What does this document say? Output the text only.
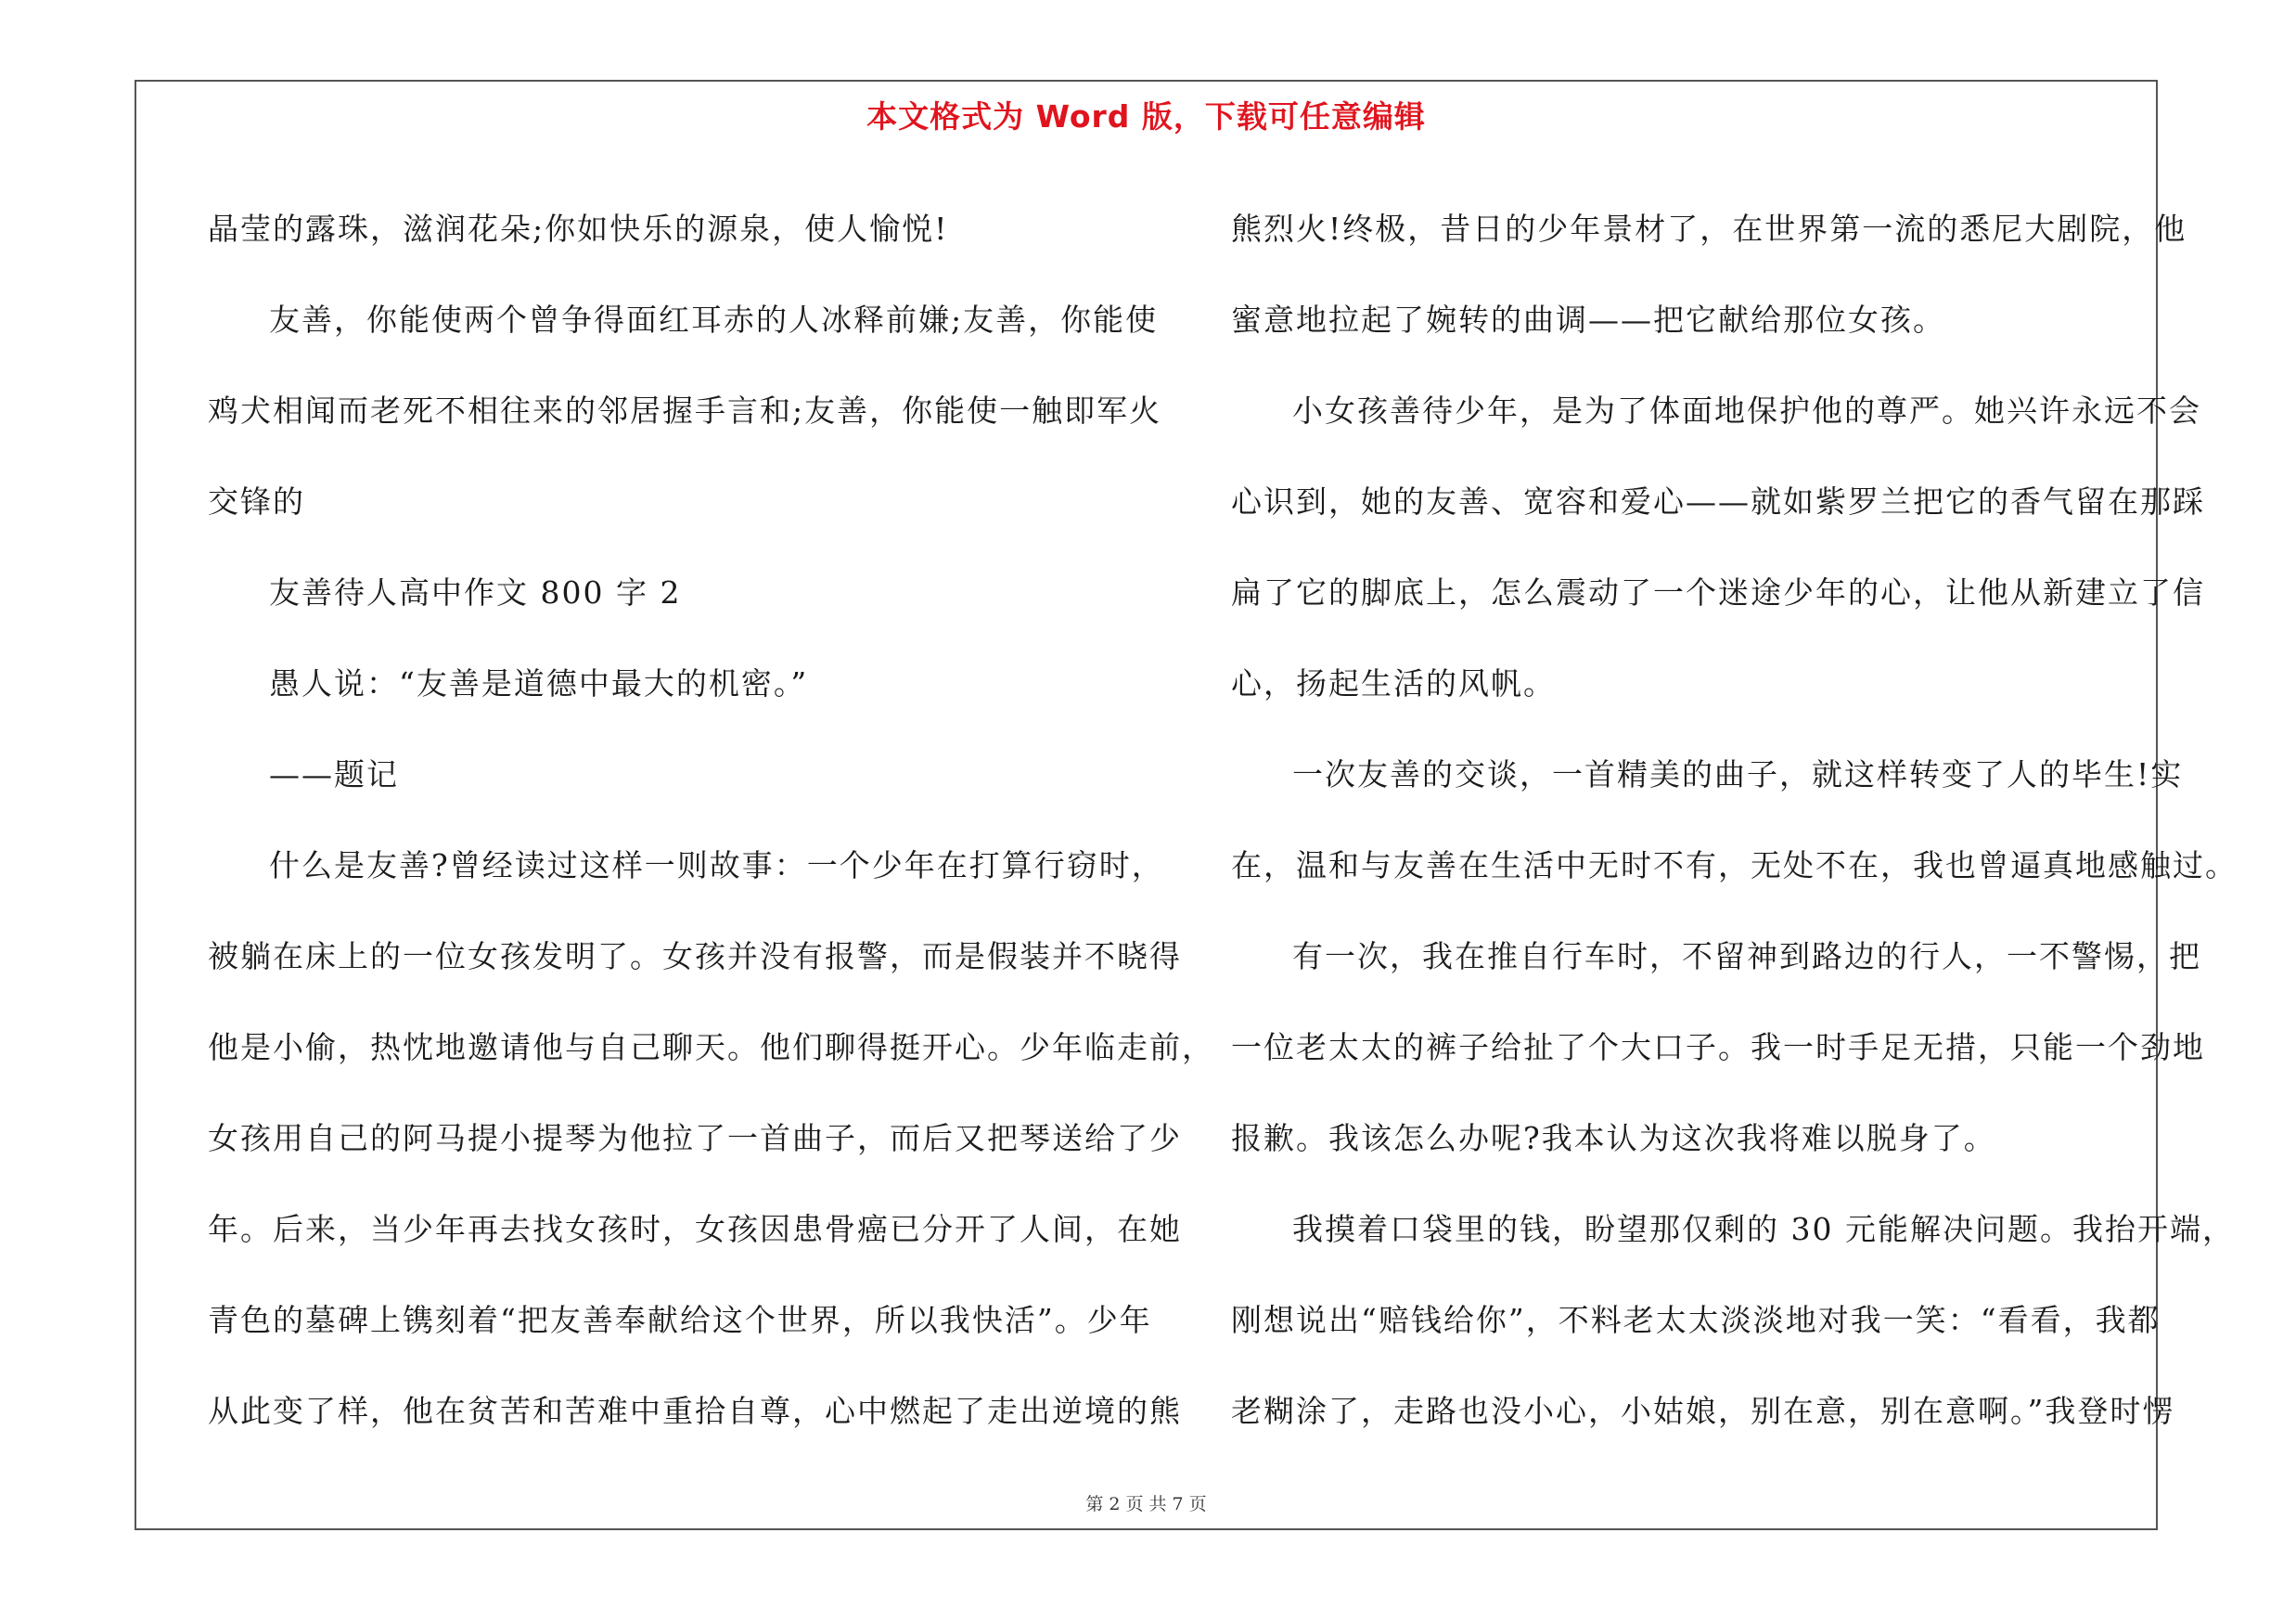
本文格式为 Word 版，下载可任意编辑
晶莹的露珠，滋润花朵;你如快乐的源泉，使人愉悦!
友善，你能使两个曾争得面红耳赤的人冰释前嫌;友善，你能使
鸡犬相闻而老死不相往来的邻居握手言和;友善，你能使一触即军火
交锋的
友善待人高中作文 800 字 2
愚人说：“友善是道德中最大的机密。”
——题记
什么是友善?曾经读过这样一则故事：一个少年在打算行窃时，
被躺在床上的一位女孩发明了。女孩并没有报警，而是假装并不晓得
他是小偷，热忱地邀请他与自己聊天。他们聊得挺开心。少年临走前，
女孩用自己的阿马提小提琴为他拉了一首曲子，而后又把琴送给了少
年。后来，当少年再去找女孩时，女孩因患骨癌已分开了人间，在她
青色的墓碑上镌刻着“把友善奉献给这个世界，所以我快活”。少年
从此变了样，他在贫苦和苦难中重拾自尊，心中燃起了走出逆境的熊
熊烈火!终极，昔日的少年景材了，在世界第一流的悉尼大剧院，他
蜜意地拉起了婉转的曲调——把它献给那位女孩。
小女孩善待少年，是为了体面地保护他的尊严。她兴许永远不会
心识到，她的友善、宽容和爱心——就如紫罗兰把它的香气留在那踩
扁了它的脚底上，怎么震动了一个迷途少年的心，让他从新建立了信
心，扬起生活的风帆。
一次友善的交谈，一首精美的曲子，就这样转变了人的毕生!实
在，温和与友善在生活中无时不有，无处不在，我也曾逼真地感触过。
有一次，我在推自行车时，不留神到路边的行人，一不警惕，把
一位老太太的裤子给扯了个大口子。我一时手足无措，只能一个劲地
报歉。我该怎么办呢?我本认为这次我将难以脱身了。
我摸着口袋里的钱，盼望那仅剩的 30 元能解决问题。我抬开端，
刚想说出“赔钱给你”，不料老太太淡淡地对我一笑：“看看，我都
老糊涂了，走路也没小心，小姑娘，别在意，别在意啊。”我登时愣
第 2 页 共 7 页
